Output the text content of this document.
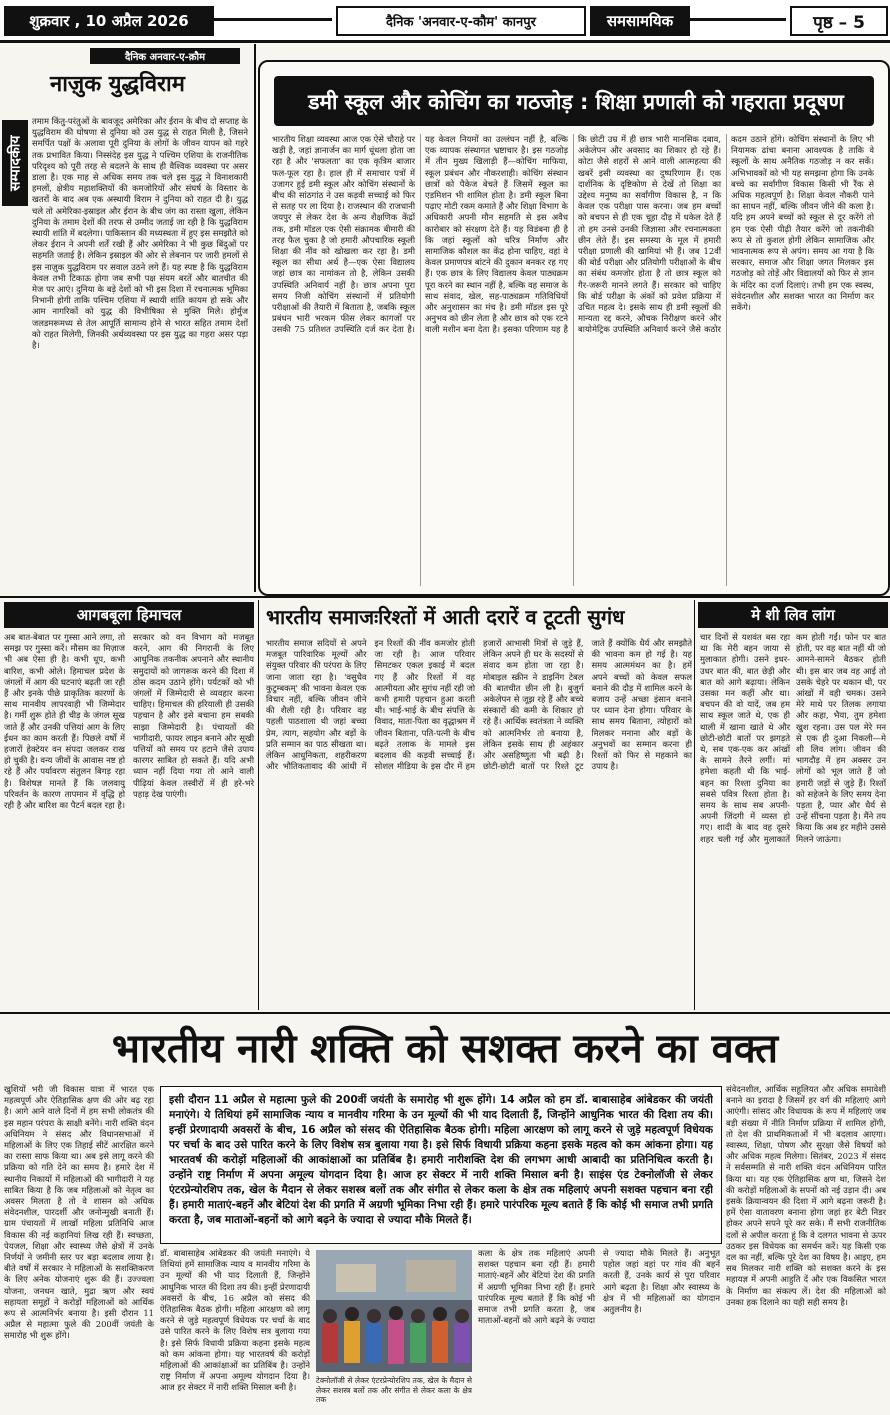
शुक्रवार , 10 अप्रैल 2026	दैनिक 'अनवार-ए-कौम' कानपुर	समसामयिक	पृष्ठ – 5
दैनिक अनवार-ए-क़ौम
सम्पादकीय
नाज़ुक युद्धविराम

तमाम किंतु-परंतुओं के बावजूद अमेरिका और ईरान के बीच दो सप्ताह के युद्धविराम की घोषणा से दुनिया को उस युद्ध से राहत मिली है, जिसने समर्पित पक्षों के अलावा पूरी दुनिया के लोगों के जीवन यापन को गहरे तक प्रभावित किया। निस्संदेह इस युद्ध ने पश्चिम एशिया के राजनीतिक परिदृश्य को पूरी तरह से बदलने के साथ ही वैश्विक व्यवस्था पर असर डाला है। एक माह से अधिक समय तक चले इस युद्ध ने विनाशकारी हमलों, क्षेत्रीय महाशक्तियों की कमजोरियों और संघर्ष के विस्तार के खतरों के बाद अब एक अस्थायी विराम ने दुनिया को राहत दी है। युद्ध चले तो अमेरिका-इस्राइल और ईरान के बीच जंग का रास्ता खुला, लेकिन दुनिया के तमाम देशों की तरफ से उम्मीद जताई जा रही है कि युद्धविराम स्थायी शांति में बदलेगा। पाकिस्तान की मध्यस्थता में हुए इस समझौते को लेकर ईरान ने अपनी शर्तें रखी हैं और अमेरिका ने भी कुछ बिंदुओं पर सहमति जताई है। लेकिन इस्राइल की ओर से लेबनान पर जारी हमलों से इस नाज़ुक युद्धविराम पर सवाल उठने लगे हैं। यह स्पष्ट है कि युद्धविराम केवल तभी टिकाऊ होगा जब सभी पक्ष संयम बरतें और बातचीत की मेज पर आएं। दुनिया के बड़े देशों को भी इस दिशा में रचनात्मक भूमिका निभानी होगी ताकि पश्चिम एशिया में स्थायी शांति कायम हो सके और आम नागरिकों को युद्ध की विभीषिका से मुक्ति मिले। होर्मुज जलडमरूमध्य से तेल आपूर्ति सामान्य होने से भारत सहित तमाम देशों को राहत मिलेगी, जिनकी अर्थव्यवस्था पर इस युद्ध का गहरा असर पड़ा है।

डमी स्कूल और कोचिंग का गठजोड़ : शिक्षा प्रणाली को गहराता प्रदूषण

भारतीय शिक्षा व्यवस्था आज एक ऐसे चौराहे पर खड़ी है, जहां ज्ञानार्जन का मार्ग धूंधला होता जा रहा है और 'सफलता' का एक कृत्रिम बाजार फल-फूल रहा है। हाल ही में समाचार पत्रों में उजागर हुई डमी स्कूल और कोचिंग संस्थानों के बीच की सांठगांठ ने उस कड़वी सच्चाई को फिर से सतह पर ला दिया है। राजस्थान की राजधानी जयपुर से लेकर देश के अन्य शैक्षणिक केंद्रों तक, डमी मॉडल एक ऐसी संक्रामक बीमारी की तरह फैल चुका है जो हमारी औपचारिक स्कूली शिक्षा की नींव को खोखला कर रहा है। डमी स्कूल का सीधा अर्थ है—एक ऐसा विद्यालय जहां छात्र का नामांकन तो है, लेकिन उसकी उपस्थिति अनिवार्य नहीं है। छात्र अपना पूरा समय निजी कोचिंग संस्थानों में प्रतियोगी परीक्षाओं की तैयारी में बिताता है, जबकि स्कूल प्रबंधन भारी भरकम फीस लेकर कागजों पर उसकी 75 प्रतिशत उपस्थिति दर्ज कर देता है। यह केवल नियमों का उल्लंघन नहीं है, बल्कि एक व्यापक संस्थागत भ्रष्टाचार है। इस गठजोड़ में तीन मुख्य खिलाड़ी हैं—कोचिंग माफिया, स्कूल प्रबंधन और नौकरशाही। कोचिंग संस्थान छात्रों को पैकेज बेचते हैं जिसमें स्कूल का एडमिशन भी शामिल होता है। डमी स्कूल बिना पढ़ाए मोटी रकम कमाते हैं और शिक्षा विभाग के अधिकारी अपनी मौन सहमति से इस अवैध कारोबार को संरक्षण देते हैं। यह विडंबना ही है कि जहां स्कूलों को चरित्र निर्माण और सामाजिक कौशल का केंद्र होना चाहिए, वहां वे केवल प्रमाणपत्र बांटने की दुकान बनकर रह गए हैं। एक छात्र के लिए विद्यालय केवल पाठ्यक्रम पूरा करने का स्थान नहीं है, बल्कि वह समाज के साथ संवाद, खेल, सह-पाठ्यक्रम गतिविधियों और अनुशासन का मंच है। डमी मॉडल इस पूरे अनुभव को छीन लेता है और छात्र को एक रटने वाली मशीन बना देता है। इसका परिणाम यह है कि छोटी उम्र में ही छात्र भारी मानसिक दबाव, अकेलेपन और अवसाद का शिकार हो रहे हैं। कोटा जैसे शहरों से आने वाली आत्महत्या की खबरें इसी व्यवस्था का दुष्परिणाम हैं। एक दार्शनिक के दृष्टिकोण से देखें तो शिक्षा का उद्देश्य मनुष्य का सर्वांगीण विकास है, न कि केवल एक परीक्षा पास करना। जब हम बच्चों को बचपन से ही एक चूहा दौड़ में धकेल देते हैं तो हम उनसे उनकी जिज्ञासा और रचनात्मकता छीन लेते हैं। इस समस्या के मूल में हमारी परीक्षा प्रणाली की खामियां भी हैं। जब 12वीं की बोर्ड परीक्षा और प्रतियोगी परीक्षाओं के बीच का संबंध कमजोर होता है तो छात्र स्कूल को गैर-जरूरी मानने लगते हैं। सरकार को चाहिए कि बोर्ड परीक्षा के अंकों को प्रवेश प्रक्रिया में उचित महत्व दे। इसके साथ ही डमी स्कूलों की मान्यता रद्द करने, औचक निरीक्षण करने और बायोमेट्रिक उपस्थिति अनिवार्य करने जैसे कठोर कदम उठाने होंगे। कोचिंग संस्थानों के लिए भी नियामक ढांचा बनाना आवश्यक है ताकि वे स्कूलों के साथ अनैतिक गठजोड़ न कर सकें। अभिभावकों को भी यह समझना होगा कि उनके बच्चे का सर्वांगीण विकास किसी भी रैंक से अधिक महत्वपूर्ण है। शिक्षा केवल नौकरी पाने का साधन नहीं, बल्कि जीवन जीने की कला है। यदि हम अपने बच्चों को स्कूल से दूर करेंगे तो हम एक ऐसी पीढ़ी तैयार करेंगे जो तकनीकी रूप से तो कुशल होगी लेकिन सामाजिक और भावनात्मक रूप से अपंग। समय आ गया है कि सरकार, समाज और शिक्षा जगत मिलकर इस गठजोड़ को तोड़ें और विद्यालयों को फिर से ज्ञान के मंदिर का दर्जा दिलाएं। तभी हम एक स्वस्थ, संवेदनशील और सशक्त भारत का निर्माण कर सकेंगे।

आगबबूला हिमाचल

अब बात-बेबात पर गुस्सा आने लगा, तो समझ पर गुस्सा करें। मौसम का मिज़ाज भी अब ऐसा ही है। कभी धूप, कभी बारिश, कभी ओले। हिमाचल प्रदेश के जंगलों में आग की घटनाएं बढ़ती जा रही हैं और इनके पीछे प्राकृतिक कारणों के साथ मानवीय लापरवाही भी जिम्मेदार है। गर्मी शुरू होते ही चीड़ के जंगल सूख जाते हैं और उनकी पत्तियां आग के लिए ईंधन का काम करती हैं। पिछले वर्षों में हजारों हेक्टेयर वन संपदा जलकर राख हो चुकी है। वन्य जीवों के आवास नष्ट हो रहे हैं और पर्यावरण संतुलन बिगड़ रहा है। विशेषज्ञ मानते हैं कि जलवायु परिवर्तन के कारण तापमान में वृद्धि हो रही है और बारिश का पैटर्न बदल रहा है। सरकार को वन विभाग को मजबूत करने, आग की निगरानी के लिए आधुनिक तकनीक अपनाने और स्थानीय समुदायों को जागरूक करने की दिशा में ठोस कदम उठाने होंगे। पर्यटकों को भी जंगलों में जिम्मेदारी से व्यवहार करना चाहिए। हिमाचल की हरियाली ही उसकी पहचान है और इसे बचाना हम सबकी साझा जिम्मेदारी है। पंचायतों की भागीदारी, फायर लाइन बनाने और सूखी पत्तियों को समय पर हटाने जैसे उपाय कारगर साबित हो सकते हैं। यदि अभी ध्यान नहीं दिया गया तो आने वाली पीढ़ियां केवल तस्वीरों में ही हरे-भरे पहाड़ देख पाएंगी।

भारतीय समाजःरिश्तों में आती दरारें व टूटती सुगंध

भारतीय समाज सदियों से अपने मजबूत पारिवारिक मूल्यों और संयुक्त परिवार की परंपरा के लिए जाना जाता रहा है। 'वसुधैव कुटुम्बकम्' की भावना केवल एक विचार नहीं, बल्कि जीवन जीने की शैली रही है। परिवार वह पहली पाठशाला थी जहां बच्चा प्रेम, त्याग, सहयोग और बड़ों के प्रति सम्मान का पाठ सीखता था। लेकिन आधुनिकता, शहरीकरण और भौतिकतावाद की आंधी में इन रिश्तों की नींव कमजोर होती जा रही है। आज परिवार सिमटकर एकल इकाई में बदल गए हैं और रिश्तों में वह आत्मीयता और सुगंध नहीं रही जो कभी हमारी पहचान हुआ करती थी। भाई-भाई के बीच संपत्ति के विवाद, माता-पिता का वृद्धाश्रम में जीवन बिताना, पति-पत्नी के बीच बढ़ते तलाक के मामले इस बदलाव की कड़वी सच्चाई हैं। सोशल मीडिया के इस दौर में हम हजारों आभासी मित्रों से जुड़े हैं, लेकिन अपने ही घर के सदस्यों से संवाद कम होता जा रहा है। मोबाइल स्क्रीन ने डाइनिंग टेबल की बातचीत छीन ली है। बुजुर्ग अकेलेपन से जूझ रहे हैं और बच्चे संस्कारों की कमी के शिकार हो रहे हैं। आर्थिक स्वतंत्रता ने व्यक्ति को आत्मनिर्भर तो बनाया है, लेकिन इसके साथ ही अहंकार और असहिष्णुता भी बढ़ी है। छोटी-छोटी बातों पर रिश्ते टूट जाते हैं क्योंकि धैर्य और समझौते की भावना कम हो गई है। यह समय आत्ममंथन का है। हमें अपने बच्चों को केवल सफल बनाने की दौड़ में शामिल करने के बजाय उन्हें अच्छा इंसान बनाने पर ध्यान देना होगा। परिवार के साथ समय बिताना, त्योहारों को मिलकर मनाना और बड़ों के अनुभवों का सम्मान करना ही रिश्तों को फिर से महकाने का उपाय है।

मे शी लिव लांग

चार दिनों से यशवंत बस रहा था कि मेरी बहन जाया से मुलाकात होगी। उसने इधर-उधर बात की, बात छेड़ी और बात को आगे बढ़ाया। लेकिन उसका मन कहीं और था। बचपन की वो यादें, जब हम साथ स्कूल जाते थे, एक ही थाली में खाना खाते थे और छोटी-छोटी बातों पर झगड़ते थे, सब एक-एक कर आंखों के सामने तैरने लगीं। मां हमेशा कहती थी कि भाई-बहन का रिश्ता दुनिया का सबसे पवित्र रिश्ता होता है। समय के साथ सब अपनी-अपनी जिंदगी में व्यस्त हो गए। शादी के बाद वह दूसरे शहर चली गई और मुलाकातें कम होती गईं। फोन पर बात होती, पर वह बात नहीं थी जो आमने-सामने बैठकर होती थी। इस बार जब वह आई तो उसके चेहरे पर थकान थी, पर आंखों में वही चमक। उसने मेरे माथे पर तिलक लगाया और कहा, भैया, तुम हमेशा खुश रहना। उस पल मेरे मन से एक ही दुआ निकली—मे शी लिव लांग। जीवन की भागदौड़ में हम अक्सर उन लोगों को भूल जाते हैं जो हमारी जड़ों से जुड़े हैं। रिश्तों को सहेजने के लिए समय देना पड़ता है, प्यार और धैर्य से उन्हें सींचना पड़ता है। मैंने तय किया कि अब हर महीने उससे मिलने जाऊंगा।

भारतीय नारी शक्ति को सशक्त करने का वक्त

खुशियों भरी जी विकास यात्रा में भारत एक महत्वपूर्ण और ऐतिहासिक क्षण की ओर बढ़ रहा है। आगे आने वाले दिनों में हम सभी लोकतंत्र की इस महान परंपरा के साक्षी बनेंगे। नारी शक्ति वंदन अधिनियम ने संसद और विधानसभाओं में महिलाओं के लिए एक तिहाई सीटें आरक्षित करने का रास्ता साफ किया था। अब इसे लागू करने की प्रक्रिया को गति देने का समय है। हमारे देश में स्थानीय निकायों में महिलाओं की भागीदारी ने यह साबित किया है कि जब महिलाओं को नेतृत्व का अवसर मिलता है तो वे शासन को अधिक संवेदनशील, पारदर्शी और जनोन्मुखी बनाती हैं। ग्राम पंचायतों में लाखों महिला प्रतिनिधि आज विकास की नई कहानियां लिख रही हैं। स्वच्छता, पेयजल, शिक्षा और स्वास्थ्य जैसे क्षेत्रों में उनके निर्णयों ने जमीनी स्तर पर बड़ा बदलाव लाया है। बीते वर्षों में सरकार ने महिलाओं के सशक्तिकरण के लिए अनेक योजनाएं शुरू की हैं। उज्ज्वला योजना, जनधन खाते, मुद्रा ऋण और स्वयं सहायता समूहों ने करोड़ों महिलाओं को आर्थिक रूप से आत्मनिर्भर बनाया है। इसी दौरान 11 अप्रैल से महात्मा फुले की 200वीं जयंती के समारोह भी शुरू होंगे।

इसी दौरान 11 अप्रैल से महात्मा फुले की 200वीं जयंती के समारोह भी शुरू होंगे। 14 अप्रैल को हम डॉ. बाबासाहेब आंबेडकर की जयंती मनाएंगे। ये तिथियां हमें सामाजिक न्याय व मानवीय गरिमा के उन मूल्यों की भी याद दिलाती हैं, जिन्होंने आधुनिक भारत की दिशा तय की। इन्हीं प्रेरणादायी अवसरों के बीच, 16 अप्रैल को संसद की ऐतिहासिक बैठक होगी। महिला आरक्षण को लागू करने से जुड़े महत्वपूर्ण विधेयक पर चर्चा के बाद उसे पारित करने के लिए विशेष सत्र बुलाया गया है। इसे सिर्फ विधायी प्रक्रिया कहना इसके महत्व को कम आंकना होगा। यह भारतवर्ष की करोड़ों महिलाओं की आकांक्षाओं का प्रतिबिंब है। हमारी नारीशक्ति देश की लगभग आधी आबादी का प्रतिनिधित्व करती है। उन्होंने राष्ट्र निर्माण में अपना अमूल्य योगदान दिया है। आज हर सेक्टर में नारी शक्ति मिसाल बनी है। साइंस एंड टेक्नोलॉजी से लेकर एंटरप्रेन्योरशिप तक, खेल के मैदान से लेकर सशस्त्र बलों तक और संगीत से लेकर कला के क्षेत्र तक महिलाएं अपनी सशक्त पहचान बना रही हैं। हमारी माताएं-बहनें और बेटियां देश की प्रगति में अग्रणी भूमिका निभा रही हैं। हमारे पारंपरिक मूल्य बताते हैं कि कोई भी समाज तभी प्रगति करता है, जब माताओं-बहनों को आगे बढ़ने के ज्यादा से ज्यादा मौके मिलते हैं।

डॉ. बाबासाहेब आंबेडकर की जयंती मनाएंगे। ये तिथियां हमें सामाजिक न्याय व मानवीय गरिमा के उन मूल्यों की भी याद दिलाती हैं, जिन्होंने आधुनिक भारत की दिशा तय की। इन्हीं प्रेरणादायी अवसरों के बीच, 16 अप्रैल को संसद की ऐतिहासिक बैठक होगी। महिला आरक्षण को लागू करने से जुड़े महत्वपूर्ण विधेयक पर चर्चा के बाद उसे पारित करने के लिए विशेष सत्र बुलाया गया है। इसे सिर्फ विधायी प्रक्रिया कहना इसके महत्व को कम आंकना होगा। यह भारतवर्ष की करोड़ों महिलाओं की आकांक्षाओं का प्रतिबिंब है। उन्होंने राष्ट्र निर्माण में अपना अमूल्य योगदान दिया है। आज हर सेक्टर में नारी शक्ति मिसाल बनी है।

टेक्नोलॉजी से लेकर एंटरप्रेन्योरशिप तक, खेल के मैदान से लेकर सशस्त्र बलों तक और संगीत से लेकर कला के क्षेत्र तक

कला के क्षेत्र तक महिलाएं अपनी सशक्त पहचान बना रही हैं। हमारी माताएं-बहनें और बेटियां देश की प्रगति में अग्रणी भूमिका निभा रही हैं। हमारे पारंपरिक मूल्य बताते हैं कि कोई भी समाज तभी प्रगति करता है, जब माताओं-बहनों को आगे बढ़ने के ज्यादा से ज्यादा मौके मिलते हैं। अनुभूत पहोल जहां वहां पर गांव की बहनें करती हैं, उनके कार्य से पूरा परिवार आगे बढ़ता है। शिक्षा और स्वास्थ्य के क्षेत्र में भी महिलाओं का योगदान अतुलनीय है।

संवेदनशील, आर्थिक सहूलियत और अधिक समावेशी बनाने का इरादा है जिसमें हर वर्ग की महिलाएं आगे आएंगी। सांसद और विधायक के रूप में महिलाएं जब बड़ी संख्या में नीति निर्माण प्रक्रिया में शामिल होंगी, तो देश की प्राथमिकताओं में भी बदलाव आएगा। स्वास्थ्य, शिक्षा, पोषण और सुरक्षा जैसे विषयों को और अधिक महत्व मिलेगा। सितंबर, 2023 में संसद ने सर्वसम्मति से नारी शक्ति वंदन अधिनियम पारित किया था। यह एक ऐतिहासिक क्षण था, जिसने देश की करोड़ों महिलाओं के सपनों को नई उड़ान दी। अब इसके क्रियान्वयन की दिशा में आगे बढ़ना जरूरी है। हमें ऐसा वातावरण बनाना होगा जहां हर बेटी निडर होकर अपने सपने पूरे कर सके। मैं सभी राजनीतिक दलों से अपील करता हूं कि वे दलगत भावना से ऊपर उठकर इस विधेयक का समर्थन करें। यह किसी एक दल का नहीं, बल्कि पूरे देश का विषय है। आइए, हम सब मिलकर नारी शक्ति को सशक्त करने के इस महायज्ञ में अपनी आहुति दें और एक विकसित भारत के निर्माण का संकल्प लें। देश की महिलाओं को उनका हक दिलाने का यही सही समय है।
